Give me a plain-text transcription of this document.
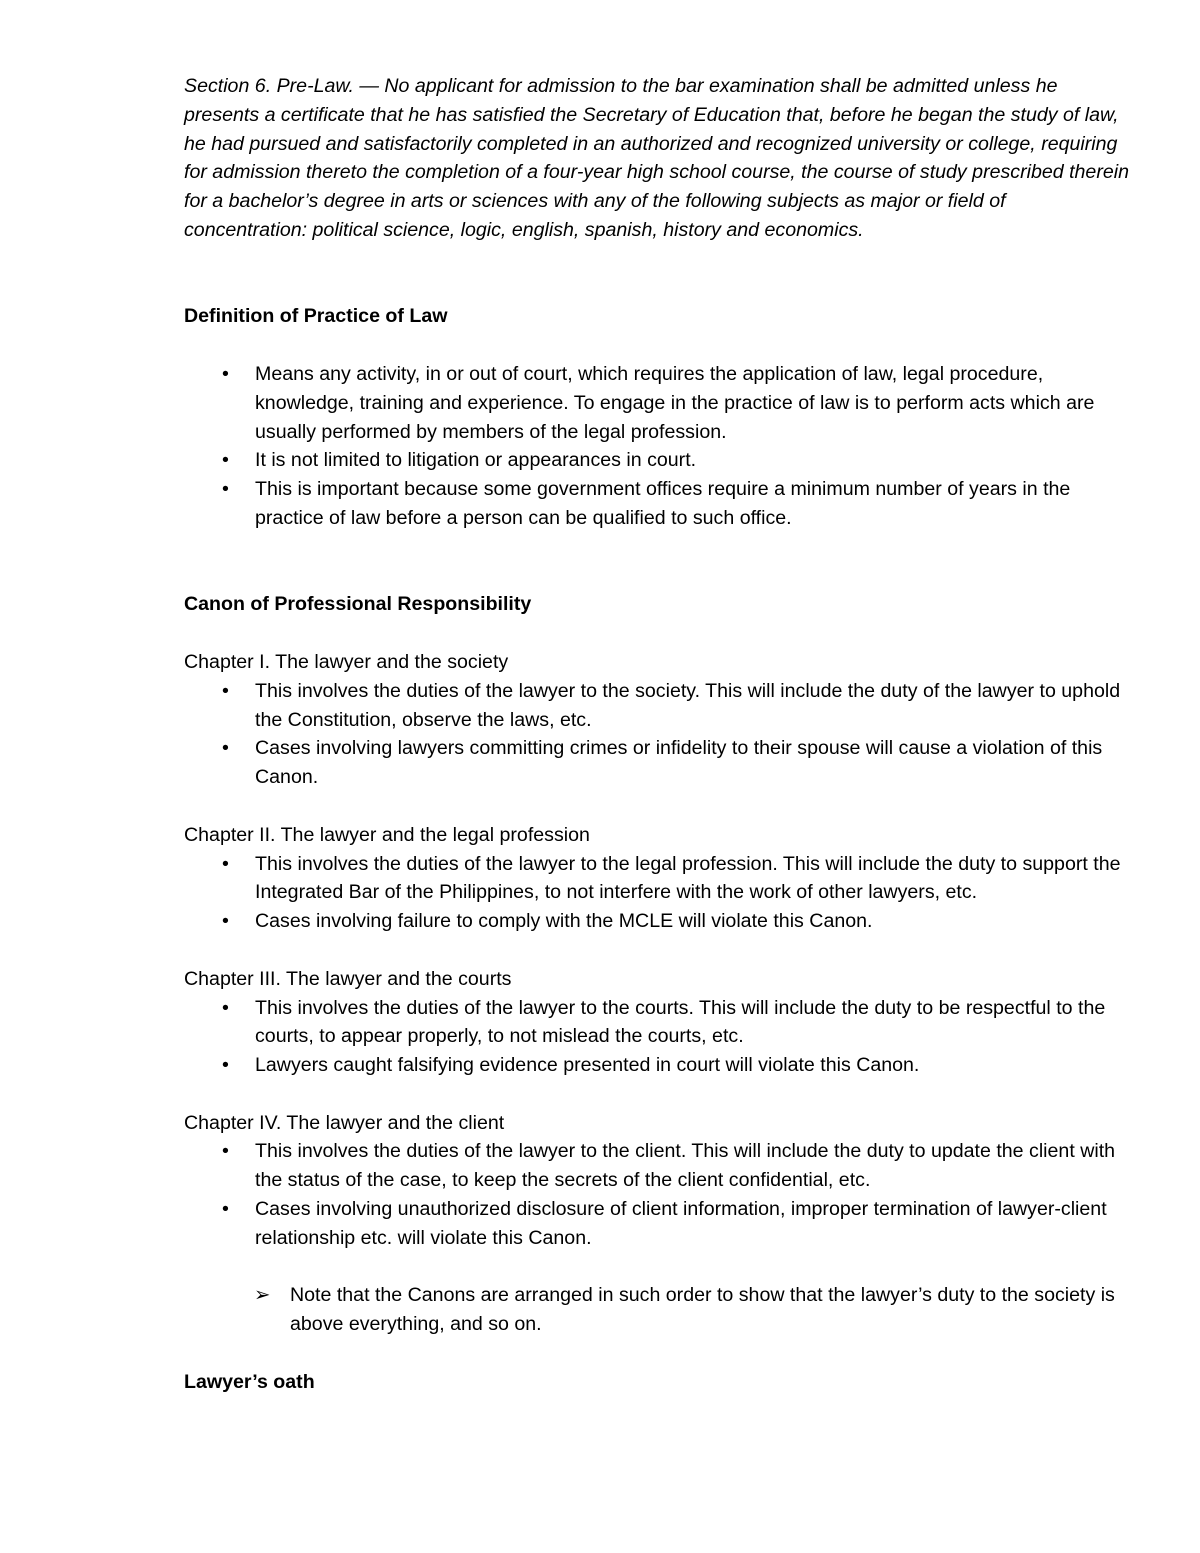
Section 6. Pre-Law. — No applicant for admission to the bar examination shall be admitted unless he presents a certificate that he has satisfied the Secretary of Education that, before he began the study of law, he had pursued and satisfactorily completed in an authorized and recognized university or college, requiring for admission thereto the completion of a four-year high school course, the course of study prescribed therein for a bachelor’s degree in arts or sciences with any of the following subjects as major or field of concentration: political science, logic, english, spanish, history and economics.

Definition of Practice of Law

• Means any activity, in or out of court, which requires the application of law, legal procedure, knowledge, training and experience. To engage in the practice of law is to perform acts which are usually performed by members of the legal profession.
• It is not limited to litigation or appearances in court.
• This is important because some government offices require a minimum number of years in the practice of law before a person can be qualified to such office.

Canon of Professional Responsibility

Chapter I. The lawyer and the society

• This involves the duties of the lawyer to the society. This will include the duty of the lawyer to uphold the Constitution, observe the laws, etc.
• Cases involving lawyers committing crimes or infidelity to their spouse will cause a violation of this Canon.

Chapter II. The lawyer and the legal profession

• This involves the duties of the lawyer to the legal profession. This will include the duty to support the Integrated Bar of the Philippines, to not interfere with the work of other lawyers, etc.
• Cases involving failure to comply with the MCLE will violate this Canon.

Chapter III. The lawyer and the courts

• This involves the duties of the lawyer to the courts. This will include the duty to be respectful to the courts, to appear properly, to not mislead the courts, etc.
• Lawyers caught falsifying evidence presented in court will violate this Canon.

Chapter IV. The lawyer and the client

• This involves the duties of the lawyer to the client. This will include the duty to update the client with the status of the case, to keep the secrets of the client confidential, etc.
• Cases involving unauthorized disclosure of client information, improper termination of lawyer-client relationship etc. will violate this Canon.

➢ Note that the Canons are arranged in such order to show that the lawyer’s duty to the society is above everything, and so on.

Lawyer’s oath
